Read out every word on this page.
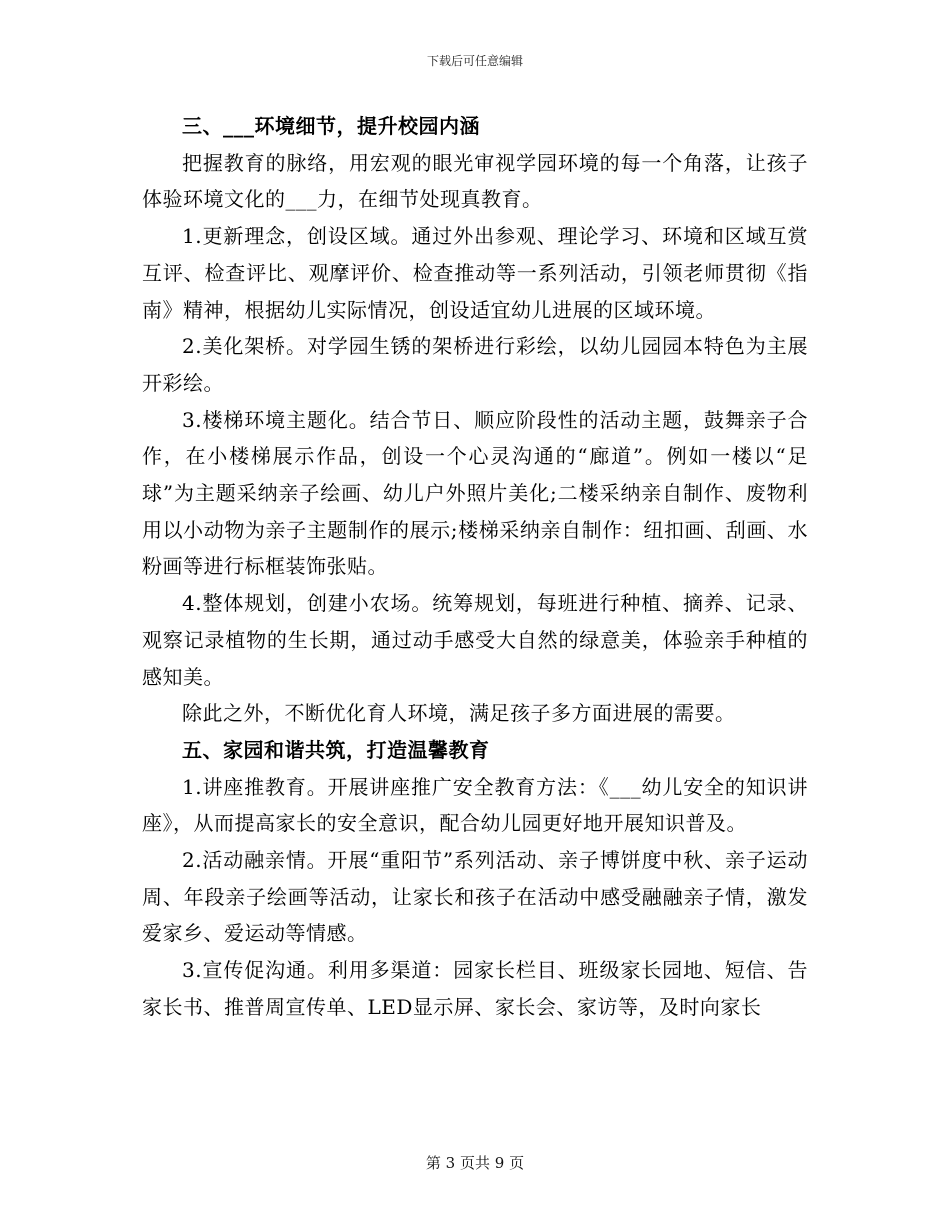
下载后可任意编辑

三、___环境细节，提升校园内涵

把握教育的脉络，用宏观的眼光审视学园环境的每一个角落，让孩子体验环境文化的___力，在细节处现真教育。

1.更新理念，创设区域。通过外出参观、理论学习、环境和区域互赏互评、检查评比、观摩评价、检查推动等一系列活动，引领老师贯彻《指南》精神，根据幼儿实际情况，创设适宜幼儿进展的区域环境。

2.美化架桥。对学园生锈的架桥进行彩绘，以幼儿园园本特色为主展开彩绘。

3.楼梯环境主题化。结合节日、顺应阶段性的活动主题，鼓舞亲子合作，在小楼梯展示作品，创设一个心灵沟通的“廊道”。例如一楼以“足球”为主题采纳亲子绘画、幼儿户外照片美化;二楼采纳亲自制作、废物利用以小动物为亲子主题制作的展示;楼梯采纳亲自制作：纽扣画、刮画、水粉画等进行标框装饰张贴。

4.整体规划，创建小农场。统筹规划，每班进行种植、摘养、记录、观察记录植物的生长期，通过动手感受大自然的绿意美，体验亲手种植的感知美。

除此之外，不断优化育人环境，满足孩子多方面进展的需要。

五、家园和谐共筑，打造温馨教育

1.讲座推教育。开展讲座推广安全教育方法：《___幼儿安全的知识讲座》，从而提高家长的安全意识，配合幼儿园更好地开展知识普及。

2.活动融亲情。开展“重阳节”系列活动、亲子博饼度中秋、亲子运动周、年段亲子绘画等活动，让家长和孩子在活动中感受融融亲子情，激发爱家乡、爱运动等情感。

3.宣传促沟通。利用多渠道：园家长栏目、班级家长园地、短信、告家长书、推普周宣传单、LED显示屏、家长会、家访等，及时向家长

第 3 页共 9 页
